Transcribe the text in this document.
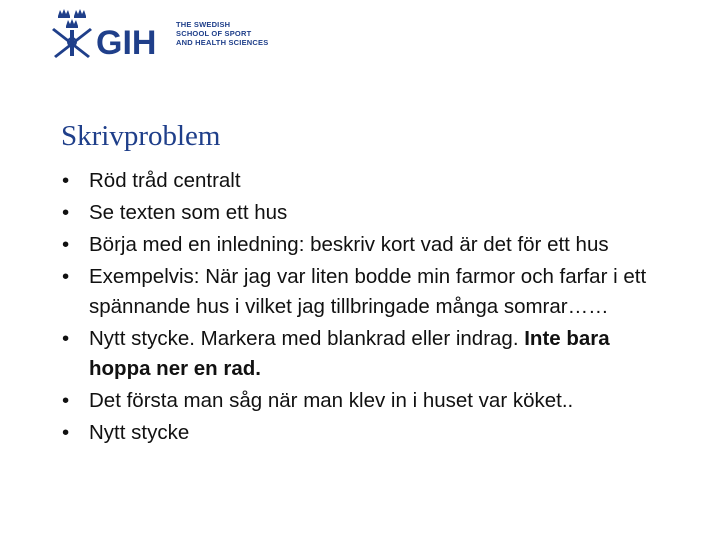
GIH	THE SWEDISH
SCHOOL OF SPORT
AND HEALTH SCIENCES
Skrivproblem
• Röd tråd centralt
• Se texten som ett hus
• Börja med en inledning: beskriv kort vad är det för ett hus
• Exempelvis: När jag var liten bodde min farmor och farfar i ett spännande hus i vilket jag tillbringade många somrar……
• Nytt stycke. Markera med blankrad eller indrag. Inte bara hoppa ner en rad.
• Det första man såg när man klev in i huset var köket..
• Nytt stycke
